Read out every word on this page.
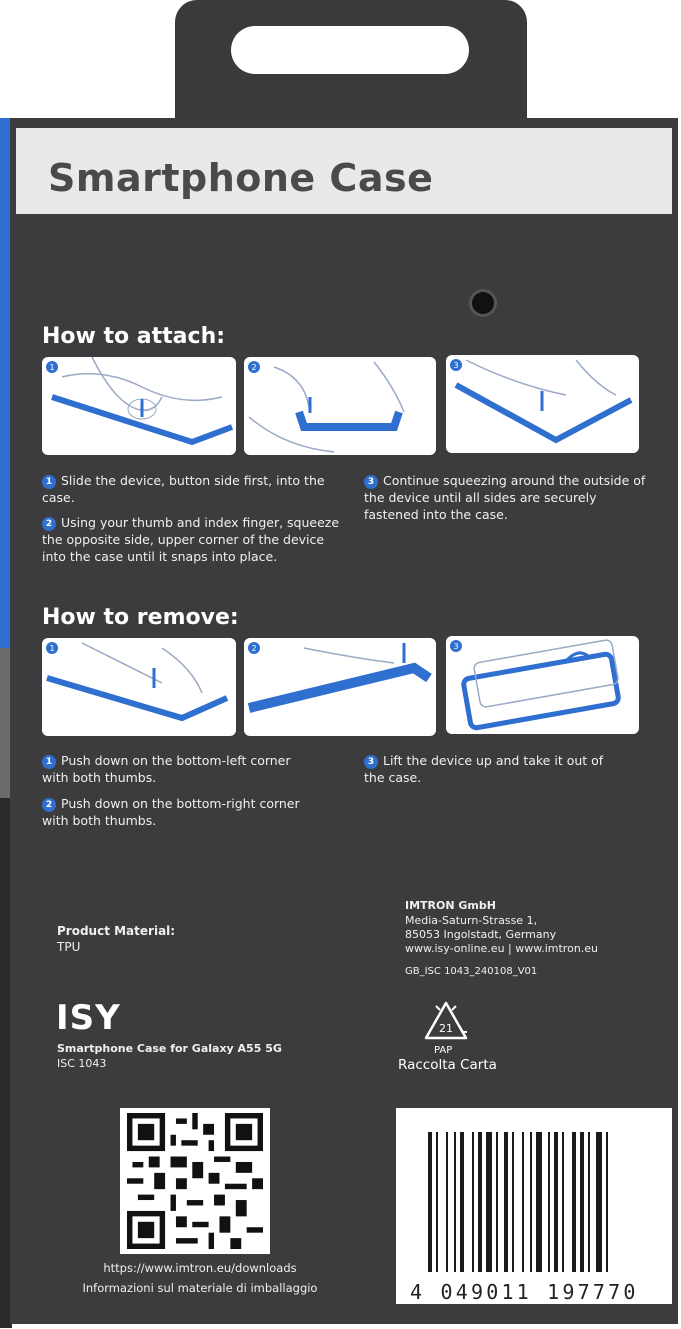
Smartphone Case
How to attach:
1	2	3
1 Slide the device, button side first, into the case.
2 Using your thumb and index finger, squeeze the opposite side, upper corner of the device into the case until it snaps into place.
3 Continue squeezing around the outside of the device until all sides are securely fastened into the case.
How to remove:
1	2	3
1 Push down on the bottom-left corner with both thumbs.
2 Push down on the bottom-right corner with both thumbs.
3 Lift the device up and take it out of the case.
Product Material:
TPU
IMTRON GmbH
Media-Saturn-Strasse 1,
85053 Ingolstadt, Germany
www.isy-online.eu | www.imtron.eu
GB_ISC 1043_240108_V01
ISY
Smartphone Case for Galaxy A55 5G
ISC 1043
21
PAP
Raccolta Carta
https://www.imtron.eu/downloads
Informazioni sul materiale di imballaggio	4 049011 197770
